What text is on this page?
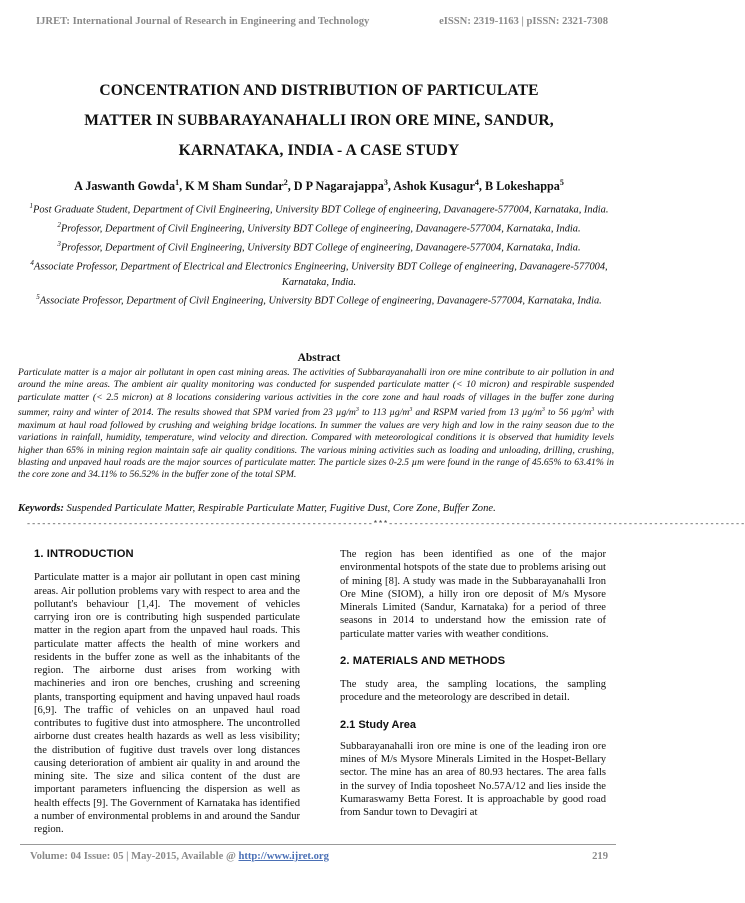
IJRET: International Journal of Research in Engineering and Technology	eISSN: 2319-1163 | pISSN: 2321-7308
CONCENTRATION AND DISTRIBUTION OF PARTICULATE
MATTER IN SUBBARAYANAHALLI IRON ORE MINE, SANDUR,
KARNATAKA, INDIA - A CASE STUDY
A Jaswanth Gowda$^1$, K M Sham Sundar$^2$, D P Nagarajappa$^3$, Ashok Kusagur$^4$, B Lokeshappa$^5$
$^1$Post Graduate Student, Department of Civil Engineering, University BDT College of engineering, Davanagere-577004, Karnataka, India.
$^2$Professor, Department of Civil Engineering, University BDT College of engineering, Davanagere-577004, Karnataka, India.
$^3$Professor, Department of Civil Engineering, University BDT College of engineering, Davanagere-577004, Karnataka, India.
$^4$Associate Professor, Department of Electrical and Electronics Engineering, University BDT College of engineering, Davanagere-577004, Karnataka, India.
$^5$Associate Professor, Department of Civil Engineering, University BDT College of engineering, Davanagere-577004, Karnataka, India.
Abstract
Particulate matter is a major air pollutant in open cast mining areas. The activities of Subbarayanahalli iron ore mine contribute to air pollution in and around the mine areas. The ambient air quality monitoring was conducted for suspended particulate matter (< 10 micron) and respirable suspended particulate matter (< 2.5 micron) at 8 locations considering various activities in the core zone and haul roads of villages in the buffer zone during summer, rainy and winter of 2014. The results showed that SPM varied from 23 $\mu g/m^3$ to 113 $\mu g/m^3$ and RSPM varied from 13 $\mu g/m^3$ to 56 $\mu g/m^3$ with maximum at haul road followed by crushing and weighing bridge locations. In summer the values are very high and low in the rainy season due to the variations in rainfall, humidity, temperature, wind velocity and direction. Compared with meteorological conditions it is observed that humidity levels higher than 65% in mining region maintain safe air quality conditions. The various mining activities such as loading and unloading, drilling, crushing, blasting and unpaved haul roads are the major sources of particulate matter. The particle sizes 0-2.5 µm were found in the range of 45.65% to 63.41% in the core zone and 34.11% to 56.52% in the buffer zone of the total SPM.
Keywords: Suspended Particulate Matter, Respirable Particulate Matter, Fugitive Dust, Core Zone, Buffer Zone.
--------------------------------------------------------------------***----------------------------------------------------------------------
1. INTRODUCTION

Particulate matter is a major air pollutant in open cast mining areas. Air pollution problems vary with respect to area and the pollutant's behaviour [1,4]. The movement of vehicles carrying iron ore is contributing high suspended particulate matter in the region apart from the unpaved haul roads. This particulate matter affects the health of mine workers and residents in the buffer zone as well as the inhabitants of the region. The airborne dust arises from working with machineries and iron ore benches, crushing and screening plants, transporting equipment and having unpaved haul roads [6,9]. The traffic of vehicles on an unpaved haul road contributes to fugitive dust into atmosphere. The uncontrolled airborne dust creates health hazards as well as less visibility; the distribution of fugitive dust travels over long distances causing deterioration of ambient air quality in and around the mining site. The size and silica content of the dust are important parameters influencing the dispersion as well as health effects [9]. The Government of Karnataka has identified a number of environmental problems in and around the Sandur region.

The region has been identified as one of the major environmental hotspots of the state due to problems arising out of mining [8]. A study was made in the Subbarayanahalli Iron Ore Mine (SIOM), a hilly iron ore deposit of M/s Mysore Minerals Limited (Sandur, Karnataka) for a period of three seasons in 2014 to understand how the emission rate of particulate matter varies with weather conditions.

2. MATERIALS AND METHODS

The study area, the sampling locations, the sampling procedure and the meteorology are described in detail.

2.1 Study Area

Subbarayanahalli iron ore mine is one of the leading iron ore mines of M/s Mysore Minerals Limited in the Hospet-Bellary sector. The mine has an area of 80.93 hectares. The area falls in the survey of India toposheet No.57A/12 and lies inside the Kumaraswamy Betta Forest. It is approachable by good road from Sandur town to Devagiri at

Volume: 04 Issue: 05 | May-2015, Available @ http://www.ijret.org	219
